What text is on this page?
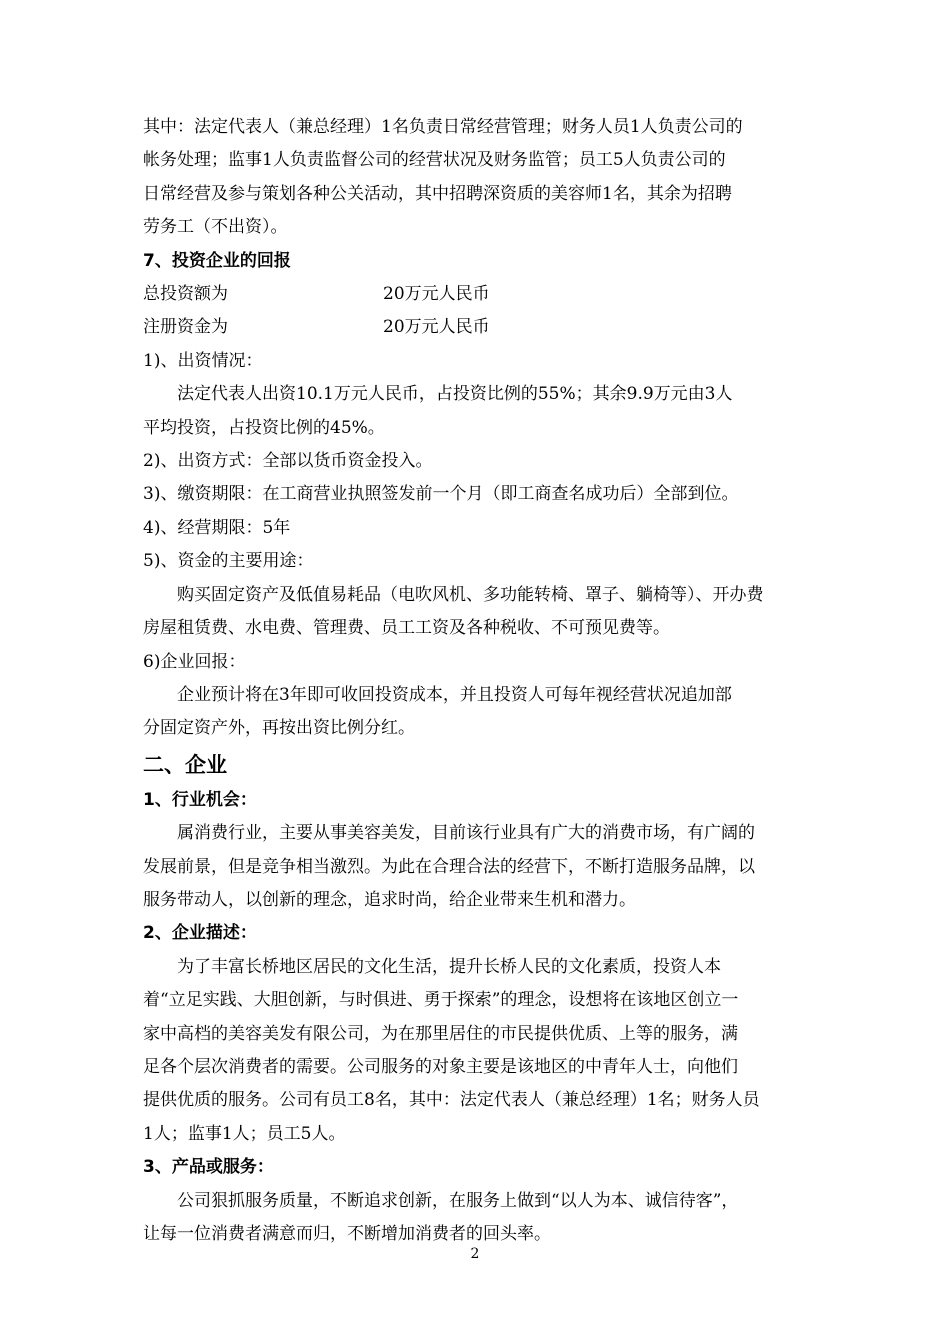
其中：法定代表人（兼总经理）1名负责日常经营管理；财务人员1人负责公司的
帐务处理；监事1人负责监督公司的经营状况及财务监管；员工5人负责公司的
日常经营及参与策划各种公关活动，其中招聘深资质的美容师1名，其余为招聘
劳务工（不出资）。
7、投资企业的回报
总投资额为	20万元人民币
注册资金为	20万元人民币
1)、出资情况：
法定代表人出资10.1万元人民币，占投资比例的55%；其余9.9万元由3人
平均投资，占投资比例的45%。
2)、出资方式：全部以货币资金投入。
3)、缴资期限：在工商营业执照签发前一个月（即工商查名成功后）全部到位。
4)、经营期限：5年
5)、资金的主要用途：
购买固定资产及低值易耗品（电吹风机、多功能转椅、罩子、躺椅等）、开办费
房屋租赁费、水电费、管理费、员工工资及各种税收、不可预见费等。
6)企业回报：
企业预计将在3年即可收回投资成本，并且投资人可每年视经营状况追加部
分固定资产外，再按出资比例分红。
二、企业
1、行业机会：
属消费行业，主要从事美容美发，目前该行业具有广大的消费市场，有广阔的
发展前景，但是竞争相当激烈。为此在合理合法的经营下，不断打造服务品牌，以
服务带动人，以创新的理念，追求时尚，给企业带来生机和潜力。
2、企业描述：
为了丰富长桥地区居民的文化生活，提升长桥人民的文化素质，投资人本
着“立足实践、大胆创新，与时俱进、勇于探索”的理念，设想将在该地区创立一
家中高档的美容美发有限公司，为在那里居住的市民提供优质、上等的服务，满
足各个层次消费者的需要。公司服务的对象主要是该地区的中青年人士，向他们
提供优质的服务。公司有员工8名，其中：法定代表人（兼总经理）1名；财务人员
1人；监事1人；员工5人。
3、产品或服务：
公司狠抓服务质量，不断追求创新，在服务上做到“以人为本、诚信待客”，
让每一位消费者满意而归，不断增加消费者的回头率。
2
